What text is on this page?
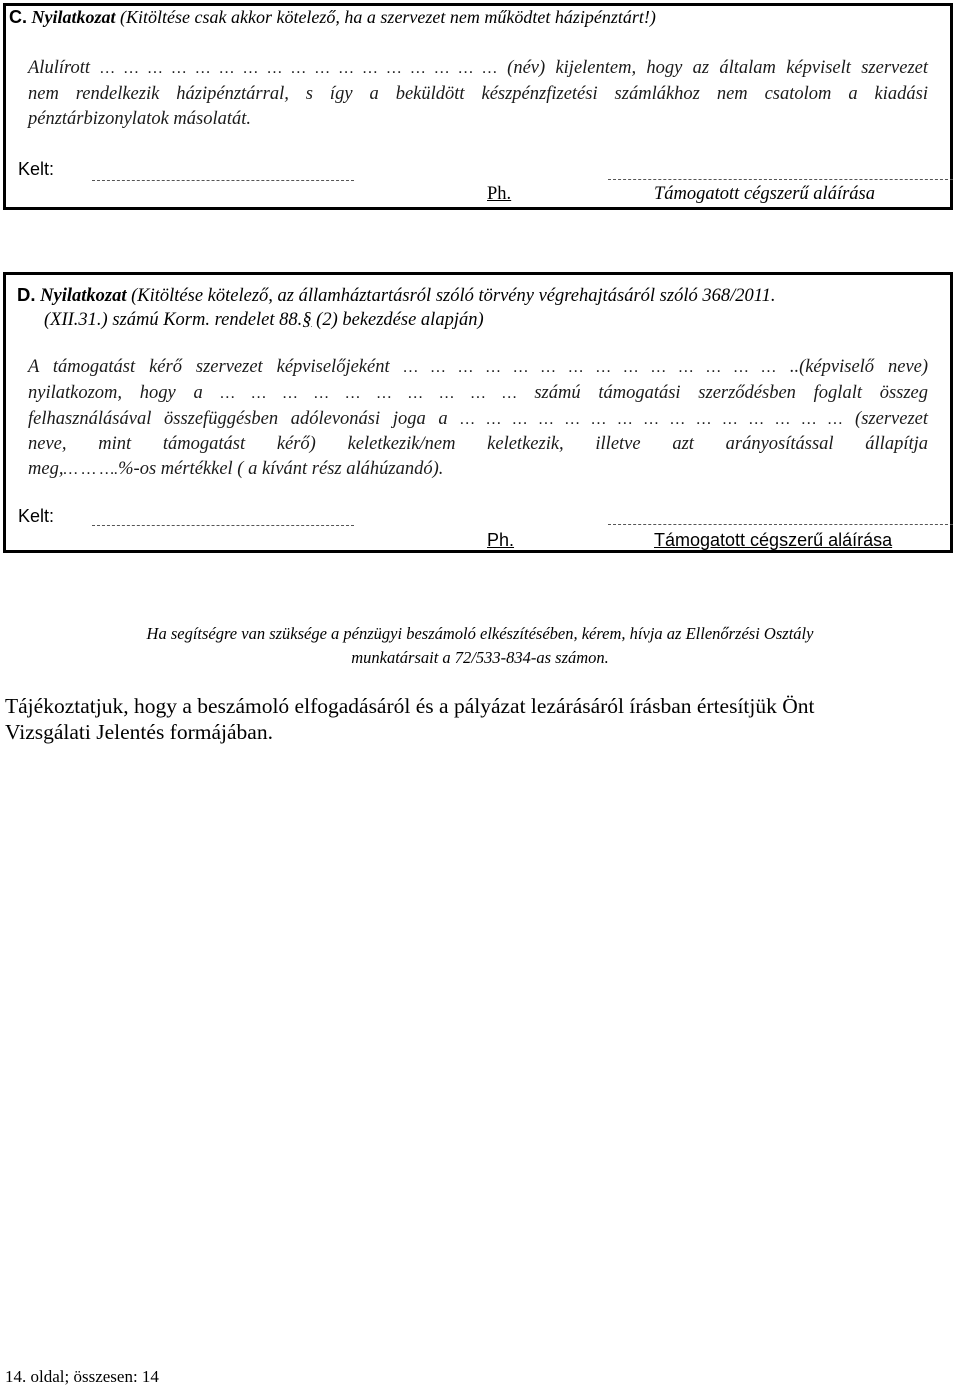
C. Nyilatkozat (Kitöltése csak akkor kötelező, ha a szervezet nem működtet házipénztárt!)
Alulírott … … … … … … … … … … … … … … … … … (név) kijelentem, hogy az általam képviselt szervezet
nem rendelkezik házipénztárral, s így a beküldött készpénzfizetési számlákhoz nem csatolom a kiadási
pénztárbizonylatok másolatát.
Kelt:
Ph.	Támogatott cégszerű aláírása
D. Nyilatkozat (Kitöltése kötelező, az államháztartásról szóló törvény végrehajtásáról szóló 368/2011.
(XII.31.) számú Korm. rendelet 88.§ (2) bekezdése alapján)
A támogatást kérő szervezet képviselőjeként … … … … … … … … … … … … … … ..(képviselő neve)
nyilatkozom, hogy a … … … … … … … … … … számú támogatási szerződésben foglalt összeg
felhasználásával összefüggésben adólevonási joga a … … … … … … … … … … … … … … … (szervezet
neve, mint támogatást kérő) keletkezik/nem keletkezik, illetve azt arányosítással állapítja
meg,… … ….%-os mértékkel ( a kívánt rész aláhúzandó).
Kelt:
Ph.	Támogatott cégszerű aláírása
Ha segítségre van szüksége a pénzügyi beszámoló elkészítésében, kérem, hívja az Ellenőrzési Osztály
munkatársait a 72/533-834-as számon.
Tájékoztatjuk, hogy a beszámoló elfogadásáról és a pályázat lezárásáról írásban értesítjük Önt
Vizsgálati Jelentés formájában.
14. oldal; összesen: 14
